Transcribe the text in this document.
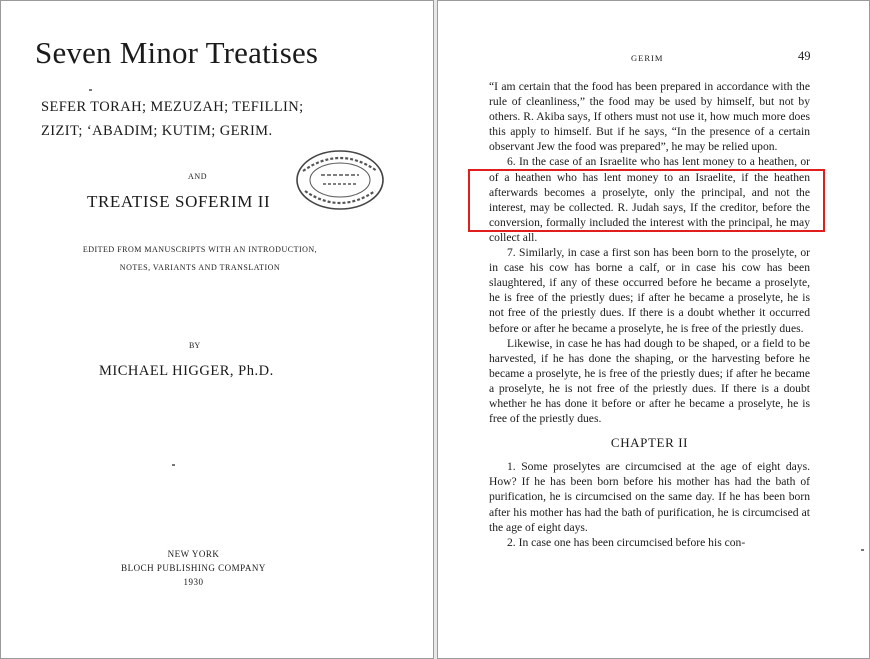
Seven Minor Treatises
SEFER TORAH; MEZUZAH; TEFILLIN;
ZIZIT; ‘ABADIM; KUTIM; GERIM.
AND
TREATISE SOFERIM II
EDITED FROM MANUSCRIPTS WITH AN INTRODUCTION,
NOTES, VARIANTS AND TRANSLATION
BY
MICHAEL HIGGER, Ph.D.
NEW YORK
BLOCH PUBLISHING COMPANY
1930
GERIM	49

“I am certain that the food has been prepared in accordance with the rule of cleanliness,” the food may be used by himself, but not by others. R. Akiba says, If others must not use it, how much more does this apply to himself. But if he says, “In the presence of a certain observant Jew the food was prepared”, he may be relied upon.

6. In the case of an Israelite who has lent money to a heathen, or of a heathen who has lent money to an Israelite, if the heathen afterwards becomes a proselyte, only the principal, and not the interest, may be collected. R. Judah says, If the creditor, before the conversion, formally included the interest with the principal, he may collect all.

7. Similarly, in case a first son has been born to the proselyte, or in case his cow has borne a calf, or in case his cow has been slaughtered, if any of these occurred before he became a proselyte, he is free of the priestly dues; if after he became a proselyte, he is not free of the priestly dues. If there is a doubt whether it occurred before or after he became a proselyte, he is free of the priestly dues.

Likewise, in case he has had dough to be shaped, or a field to be harvested, if he has done the shaping, or the harvesting before he became a proselyte, he is free of the priestly dues; if after he became a proselyte, he is not free of the priestly dues. If there is a doubt whether he has done it before or after he became a proselyte, he is free of the priestly dues.

CHAPTER II

1. Some proselytes are circumcised at the age of eight days. How? If he has been born before his mother has had the bath of purification, he is circumcised on the same day. If he has been born after his mother has had the bath of purification, he is circumcised at the age of eight days.

2. In case one has been circumcised before his con-
